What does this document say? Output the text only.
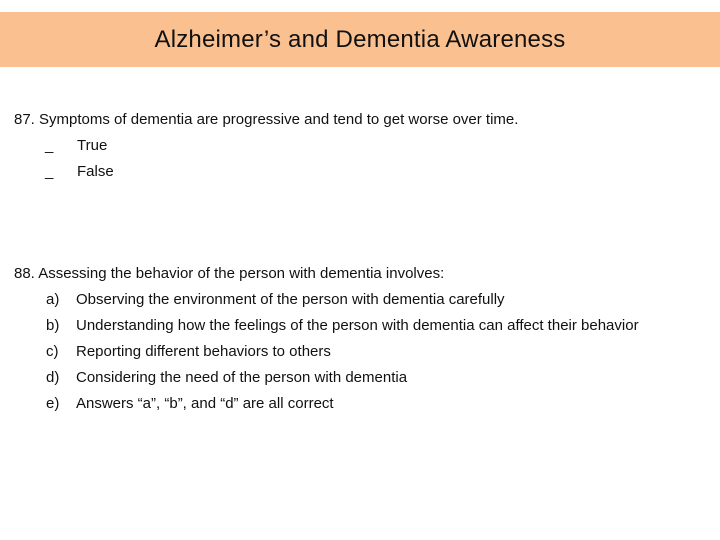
Alzheimer’s and Dementia Awareness
87. Symptoms of dementia are progressive and tend to get worse over time.
_	True
_	False
88. Assessing the behavior of the person with dementia involves:
a)	Observing the environment of the person with dementia carefully
b)	Understanding how the feelings of the person with dementia can affect their behavior
c)	Reporting different behaviors to others
d)	Considering the need of the person with dementia
e)	Answers “a”, “b”, and “d” are all correct
